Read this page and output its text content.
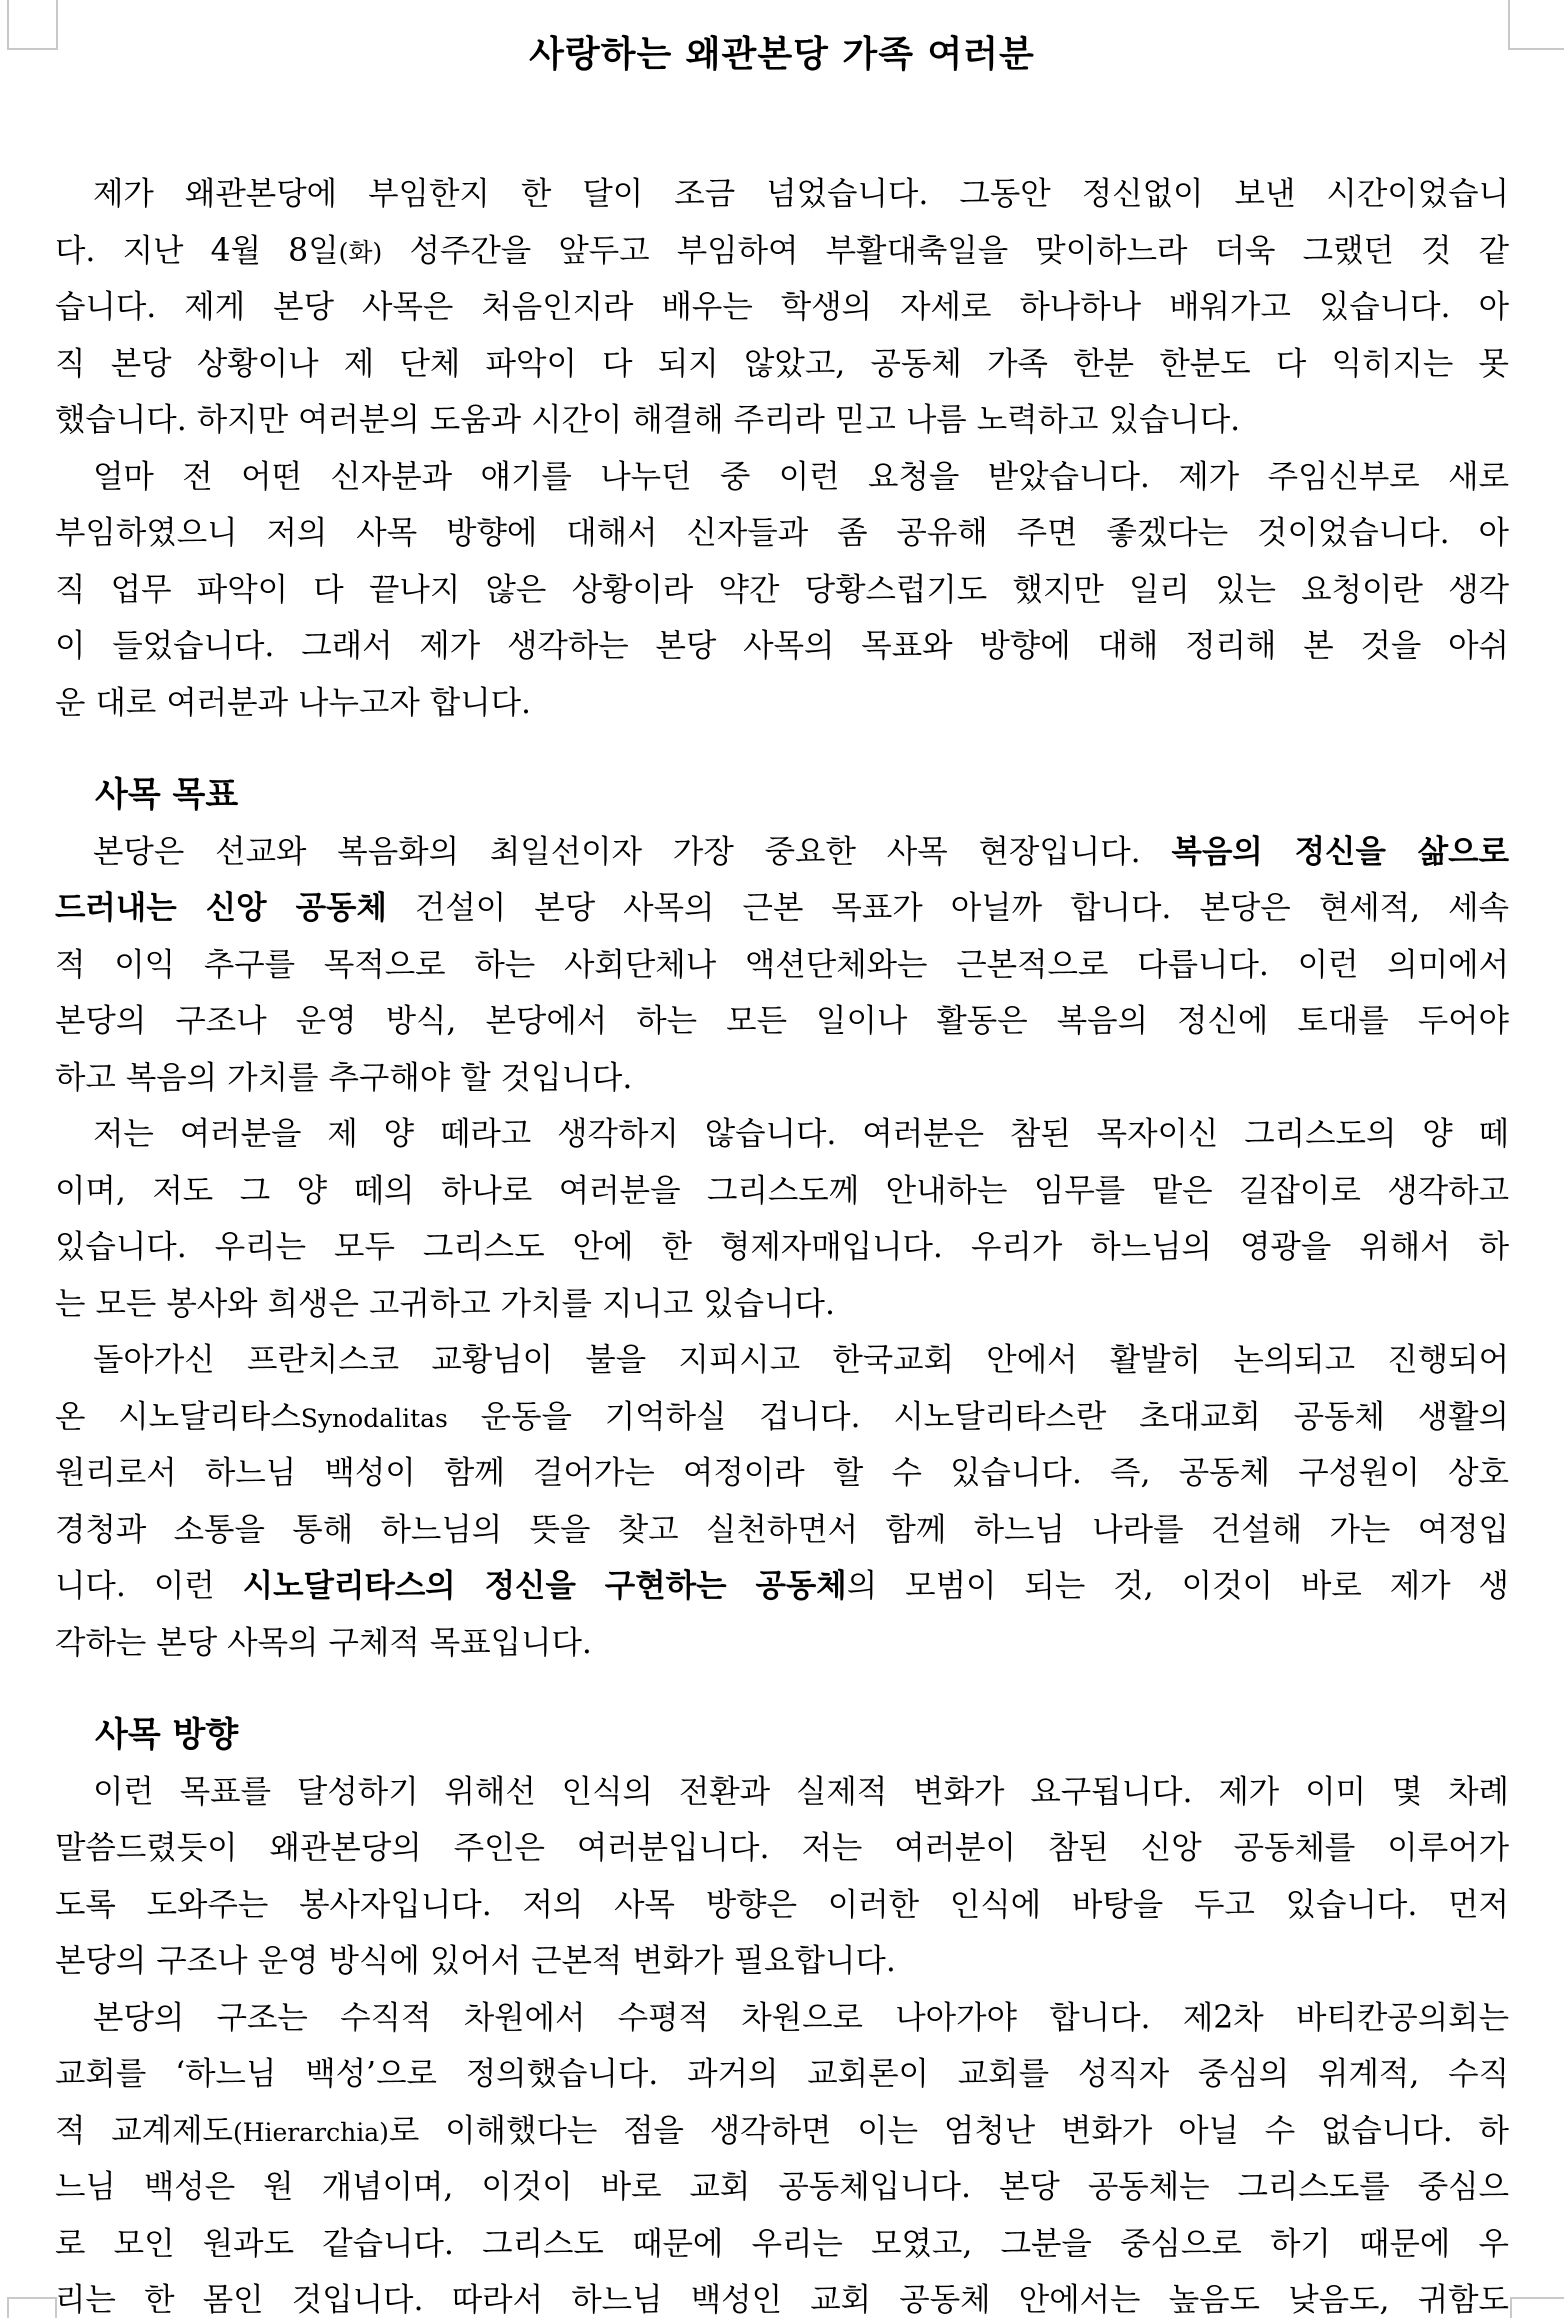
사랑하는 왜관본당 가족 여러분
제가 왜관본당에 부임한지 한 달이 조금 넘었습니다. 그동안 정신없이 보낸 시간이었습니
다. 지난 4월 8일(화) 성주간을 앞두고 부임하여 부활대축일을 맞이하느라 더욱 그랬던 것 같
습니다. 제게 본당 사목은 처음인지라 배우는 학생의 자세로 하나하나 배워가고 있습니다. 아
직 본당 상황이나 제 단체 파악이 다 되지 않았고, 공동체 가족 한분 한분도 다 익히지는 못
했습니다. 하지만 여러분의 도움과 시간이 해결해 주리라 믿고 나름 노력하고 있습니다.
얼마 전 어떤 신자분과 얘기를 나누던 중 이런 요청을 받았습니다. 제가 주임신부로 새로
부임하였으니 저의 사목 방향에 대해서 신자들과 좀 공유해 주면 좋겠다는 것이었습니다. 아
직 업무 파악이 다 끝나지 않은 상황이라 약간 당황스럽기도 했지만 일리 있는 요청이란 생각
이 들었습니다. 그래서 제가 생각하는 본당 사목의 목표와 방향에 대해 정리해 본 것을 아쉬
운 대로 여러분과 나누고자 합니다.
사목 목표
본당은 선교와 복음화의 최일선이자 가장 중요한 사목 현장입니다. 복음의 정신을 삶으로
드러내는 신앙 공동체 건설이 본당 사목의 근본 목표가 아닐까 합니다. 본당은 현세적, 세속
적 이익 추구를 목적으로 하는 사회단체나 액션단체와는 근본적으로 다릅니다. 이런 의미에서
본당의 구조나 운영 방식, 본당에서 하는 모든 일이나 활동은 복음의 정신에 토대를 두어야
하고 복음의 가치를 추구해야 할 것입니다.
저는 여러분을 제 양 떼라고 생각하지 않습니다. 여러분은 참된 목자이신 그리스도의 양 떼
이며, 저도 그 양 떼의 하나로 여러분을 그리스도께 안내하는 임무를 맡은 길잡이로 생각하고
있습니다. 우리는 모두 그리스도 안에 한 형제자매입니다. 우리가 하느님의 영광을 위해서 하
는 모든 봉사와 희생은 고귀하고 가치를 지니고 있습니다.
돌아가신 프란치스코 교황님이 불을 지피시고 한국교회 안에서 활발히 논의되고 진행되어
온 시노달리타스Synodalitas 운동을 기억하실 겁니다. 시노달리타스란 초대교회 공동체 생활의
원리로서 하느님 백성이 함께 걸어가는 여정이라 할 수 있습니다. 즉, 공동체 구성원이 상호
경청과 소통을 통해 하느님의 뜻을 찾고 실천하면서 함께 하느님 나라를 건설해 가는 여정입
니다. 이런 시노달리타스의 정신을 구현하는 공동체의 모범이 되는 것, 이것이 바로 제가 생
각하는 본당 사목의 구체적 목표입니다.
사목 방향
이런 목표를 달성하기 위해선 인식의 전환과 실제적 변화가 요구됩니다. 제가 이미 몇 차례
말씀드렸듯이 왜관본당의 주인은 여러분입니다. 저는 여러분이 참된 신앙 공동체를 이루어가
도록 도와주는 봉사자입니다. 저의 사목 방향은 이러한 인식에 바탕을 두고 있습니다. 먼저
본당의 구조나 운영 방식에 있어서 근본적 변화가 필요합니다.
본당의 구조는 수직적 차원에서 수평적 차원으로 나아가야 합니다. 제2차 바티칸공의회는
교회를 ‘하느님 백성’으로 정의했습니다. 과거의 교회론이 교회를 성직자 중심의 위계적, 수직
적 교계제도(Hierarchia)로 이해했다는 점을 생각하면 이는 엄청난 변화가 아닐 수 없습니다. 하
느님 백성은 원 개념이며, 이것이 바로 교회 공동체입니다. 본당 공동체는 그리스도를 중심으
로 모인 원과도 같습니다. 그리스도 때문에 우리는 모였고, 그분을 중심으로 하기 때문에 우
리는 한 몸인 것입니다. 따라서 하느님 백성인 교회 공동체 안에서는 높음도 낮음도, 귀함도
